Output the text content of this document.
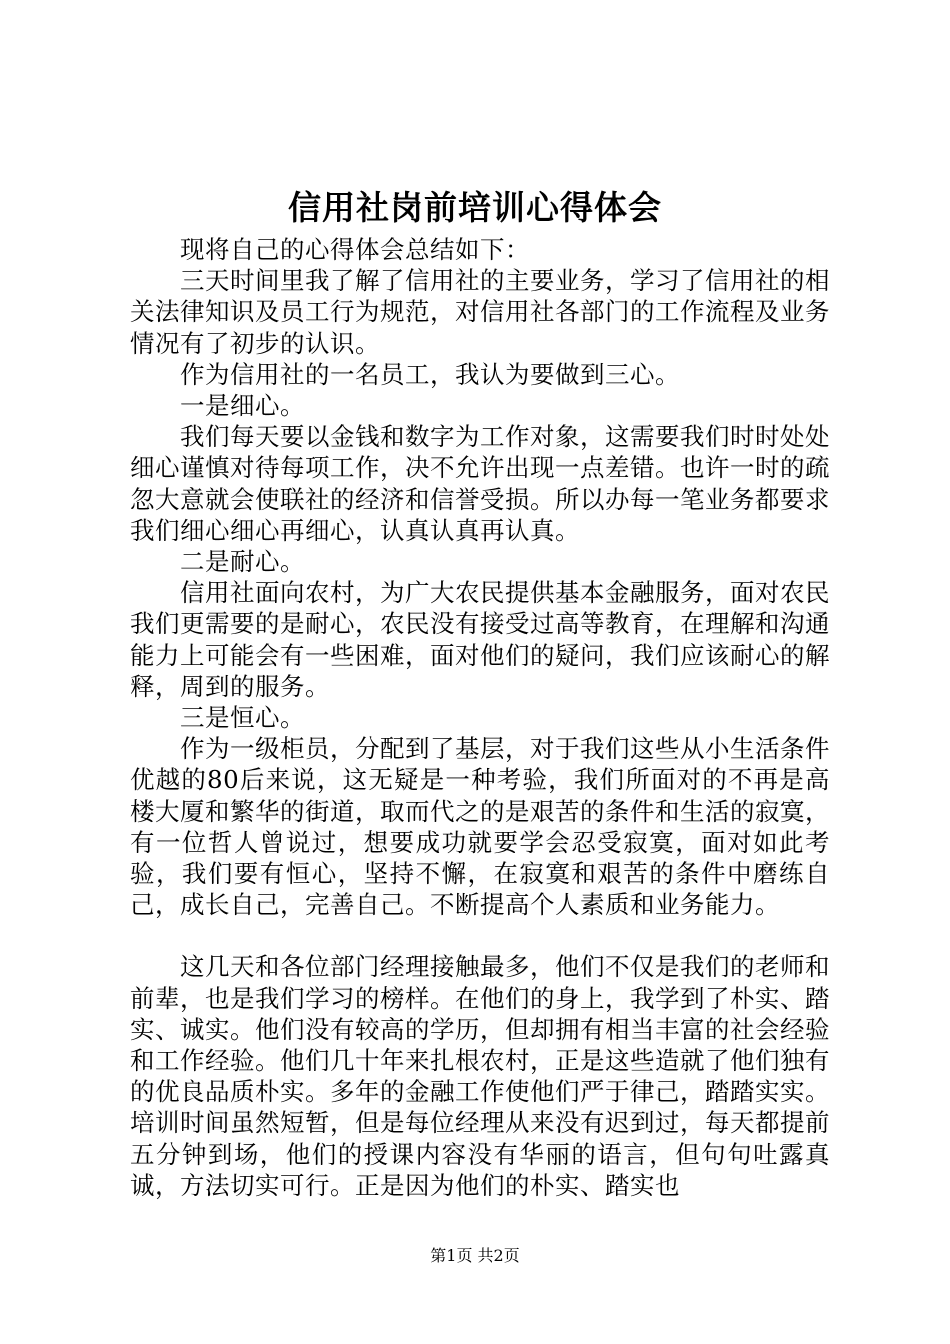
信用社岗前培训心得体会

现将自己的心得体会总结如下：

三天时间里我了解了信用社的主要业务，学习了信用社的相关法律知识及员工行为规范，对信用社各部门的工作流程及业务情况有了初步的认识。

作为信用社的一名员工，我认为要做到三心。

一是细心。

我们每天要以金钱和数字为工作对象，这需要我们时时处处细心谨慎对待每项工作，决不允许出现一点差错。也许一时的疏忽大意就会使联社的经济和信誉受损。所以办每一笔业务都要求我们细心细心再细心，认真认真再认真。

二是耐心。

信用社面向农村，为广大农民提供基本金融服务，面对农民我们更需要的是耐心，农民没有接受过高等教育，在理解和沟通能力上可能会有一些困难，面对他们的疑问，我们应该耐心的解释，周到的服务。

三是恒心。

作为一级柜员，分配到了基层，对于我们这些从小生活条件优越的80后来说，这无疑是一种考验，我们所面对的不再是高楼大厦和繁华的街道，取而代之的是艰苦的条件和生活的寂寞，有一位哲人曾说过，想要成功就要学会忍受寂寞，面对如此考验，我们要有恒心，坚持不懈，在寂寞和艰苦的条件中磨练自己，成长自己，完善自己。不断提高个人素质和业务能力。

这几天和各位部门经理接触最多，他们不仅是我们的老师和前辈，也是我们学习的榜样。在他们的身上，我学到了朴实、踏实、诚实。他们没有较高的学历，但却拥有相当丰富的社会经验和工作经验。他们几十年来扎根农村，正是这些造就了他们独有的优良品质朴实。多年的金融工作使他们严于律己，踏踏实实。培训时间虽然短暂，但是每位经理从来没有迟到过，每天都提前五分钟到场，他们的授课内容没有华丽的语言，但句句吐露真诚，方法切实可行。正是因为他们的朴实、踏实也

第1页 共2页
